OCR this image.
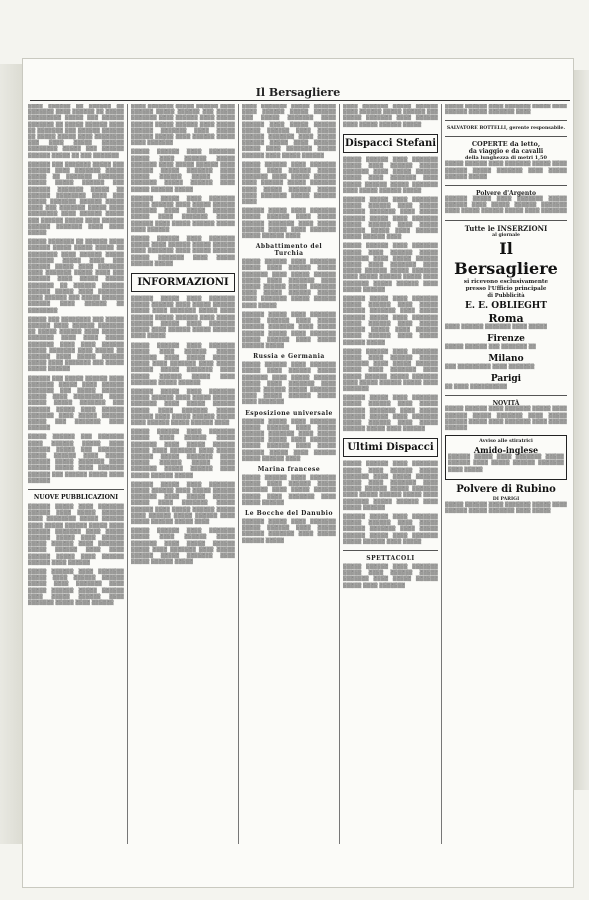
Il Bersagliere

▒▒▒▒ ▒▒▒▒▒▒ ▒▒ ▒▒▒▒▒▒ ▒▒ ▒▒▒▒▒▒▒ ▒▒▒▒ ▒▒▒▒▒▒ ▒▒ ▒▒▒▒▒ ▒▒▒▒▒▒▒▒▒ ▒▒▒▒▒ ▒▒▒ ▒▒▒▒▒▒ ▒▒▒▒▒▒▒ ▒▒ ▒▒▒▒▒ ▒▒▒▒▒▒ ▒▒▒▒ ▒▒ ▒▒▒▒▒▒▒ ▒▒▒ ▒▒▒▒▒▒ ▒▒▒▒▒▒ ▒▒ ▒▒▒▒▒ ▒▒▒▒▒ ▒▒▒▒ ▒▒▒▒▒▒▒▒ ▒▒▒ ▒▒▒▒ ▒▒▒▒▒ ▒▒▒▒▒▒ ▒▒▒▒▒▒▒▒ ▒▒▒▒▒ ▒▒▒ ▒▒▒▒▒▒ ▒▒▒▒▒▒ ▒▒▒▒▒ ▒▒ ▒▒▒ ▒▒▒▒▒▒▒

▒▒▒▒▒▒ ▒▒▒ ▒▒▒▒▒▒▒ ▒▒▒▒▒ ▒▒▒ ▒▒▒▒▒▒ ▒▒▒▒ ▒▒▒▒▒▒▒ ▒▒▒▒▒ ▒▒▒▒▒ ▒▒ ▒▒▒▒▒▒▒ ▒▒▒▒▒▒▒ ▒▒▒▒▒ ▒▒▒▒▒ ▒▒▒▒▒▒ ▒▒▒ ▒▒▒▒▒▒ ▒▒▒▒▒▒▒ ▒▒▒▒▒ ▒▒ ▒▒▒▒▒▒ ▒▒▒▒▒▒▒▒ ▒▒▒▒ ▒▒▒ ▒▒▒▒▒ ▒▒▒▒▒▒▒ ▒▒▒▒▒▒ ▒▒▒▒▒ ▒▒▒▒ ▒▒▒ ▒▒▒▒▒▒▒ ▒▒▒▒▒ ▒▒▒▒ ▒▒▒▒▒▒▒▒ ▒▒▒▒ ▒▒▒▒▒▒ ▒▒▒▒▒ ▒▒▒ ▒▒▒▒▒▒ ▒▒▒▒▒ ▒▒▒▒ ▒▒▒▒▒▒ ▒▒▒▒▒▒ ▒▒▒▒▒▒▒ ▒▒▒▒ ▒▒▒▒ ▒▒▒▒▒

▒▒▒▒▒ ▒▒▒▒▒▒▒ ▒▒ ▒▒▒▒▒▒ ▒▒▒▒ ▒▒▒▒▒▒ ▒▒▒▒▒ ▒▒▒▒▒ ▒▒▒▒▒ ▒▒ ▒▒▒▒▒▒▒▒ ▒▒▒▒ ▒▒▒▒▒▒ ▒▒▒▒▒ ▒▒▒▒▒▒▒ ▒▒▒▒▒ ▒▒▒▒ ▒▒▒ ▒▒▒▒▒▒ ▒▒▒▒▒ ▒▒▒▒ ▒▒▒▒▒▒▒ ▒▒▒▒ ▒▒▒▒▒▒▒ ▒▒▒▒▒ ▒▒▒▒ ▒▒▒ ▒▒▒▒▒▒ ▒▒▒▒ ▒▒▒▒▒ ▒▒▒▒▒ ▒▒▒▒▒▒▒ ▒▒ ▒▒▒▒▒▒ ▒▒▒▒▒▒ ▒▒▒▒▒▒ ▒▒▒▒▒ ▒▒▒▒ ▒▒▒▒▒▒▒ ▒▒▒▒ ▒▒▒▒▒▒ ▒▒▒ ▒▒▒▒▒ ▒▒▒▒▒▒ ▒▒▒▒▒▒ ▒▒▒▒ ▒▒▒▒▒▒ ▒▒ ▒▒▒▒▒▒▒▒

▒▒▒▒▒ ▒▒▒ ▒▒▒▒▒▒▒▒ ▒▒▒ ▒▒▒▒▒ ▒▒▒▒▒▒ ▒▒▒▒ ▒▒▒▒▒▒ ▒▒▒▒▒▒▒ ▒▒ ▒▒▒▒▒ ▒▒▒▒▒▒ ▒▒▒▒ ▒▒▒▒▒▒ ▒▒▒▒▒▒▒ ▒▒▒▒ ▒▒▒▒ ▒▒▒▒▒ ▒▒▒▒▒▒▒ ▒▒▒▒ ▒▒▒▒ ▒▒▒▒▒▒ ▒▒▒▒▒ ▒▒▒▒▒▒▒ ▒▒▒▒ ▒▒▒▒▒ ▒▒ ▒▒▒▒▒▒ ▒▒▒▒ ▒▒▒▒▒ ▒▒▒▒▒▒ ▒▒▒▒▒ ▒▒▒▒ ▒▒▒▒▒▒▒ ▒▒▒ ▒▒▒▒▒ ▒▒▒▒▒ ▒▒▒▒▒▒

▒▒▒▒▒▒ ▒▒▒ ▒▒▒▒▒ ▒▒▒▒▒▒ ▒▒▒▒ ▒▒▒▒▒▒▒ ▒▒▒▒▒ ▒▒▒▒ ▒▒▒▒▒▒ ▒▒▒▒▒▒▒ ▒▒▒ ▒▒▒▒▒ ▒▒▒▒▒▒ ▒▒▒▒▒ ▒▒▒▒ ▒▒▒▒▒▒▒▒ ▒▒▒▒ ▒▒▒▒▒ ▒▒▒▒▒ ▒▒▒▒▒▒▒ ▒▒▒ ▒▒▒▒▒▒ ▒▒▒▒▒ ▒▒▒▒ ▒▒▒▒▒▒ ▒▒▒▒▒▒▒ ▒▒▒▒ ▒▒▒▒▒ ▒▒▒▒▒▒ ▒▒▒▒▒ ▒▒▒ ▒▒▒▒▒▒▒ ▒▒▒▒ ▒▒▒▒▒▒

▒▒▒▒▒ ▒▒▒▒▒▒ ▒▒▒ ▒▒▒▒▒▒▒ ▒▒▒▒ ▒▒▒▒▒▒ ▒▒▒▒▒ ▒▒▒▒ ▒▒▒▒▒▒ ▒▒▒▒▒ ▒▒▒ ▒▒▒▒▒▒▒ ▒▒▒▒▒ ▒▒▒▒▒▒ ▒▒▒▒ ▒▒▒▒▒ ▒▒▒▒▒▒ ▒▒▒▒▒ ▒▒▒▒▒▒▒ ▒▒▒▒ ▒▒▒▒▒▒ ▒▒▒▒▒ ▒▒▒▒ ▒▒▒▒▒▒▒ ▒▒▒▒▒▒ ▒▒▒ ▒▒▒▒▒▒ ▒▒▒▒▒ ▒▒▒▒ ▒▒▒▒▒▒

NUOVE PUBBLICAZIONI

▒▒▒▒▒▒ ▒▒▒▒▒ ▒▒▒▒ ▒▒▒▒▒▒▒ ▒▒▒▒▒▒ ▒▒▒▒ ▒▒▒▒▒ ▒▒▒▒▒▒ ▒▒▒▒ ▒▒▒▒▒▒▒▒ ▒▒▒▒▒ ▒▒▒▒▒▒ ▒▒▒▒ ▒▒▒▒▒ ▒▒▒▒▒▒ ▒▒▒▒▒ ▒▒▒▒ ▒▒▒▒▒▒ ▒▒▒▒▒▒▒ ▒▒▒▒ ▒▒▒▒▒ ▒▒▒▒▒▒ ▒▒▒▒▒ ▒▒▒▒ ▒▒▒▒▒▒ ▒▒▒▒▒ ▒▒▒▒▒▒ ▒▒▒▒ ▒▒▒▒▒▒▒ ▒▒▒▒▒ ▒▒▒▒▒▒ ▒▒▒▒ ▒▒▒▒ ▒▒▒▒▒▒ ▒▒▒▒▒ ▒▒▒▒ ▒▒▒▒▒▒ ▒▒▒▒▒▒ ▒▒▒▒ ▒▒▒▒▒▒

▒▒▒▒▒ ▒▒▒▒▒▒ ▒▒▒▒ ▒▒▒▒▒▒▒ ▒▒▒▒▒ ▒▒▒▒ ▒▒▒▒▒▒ ▒▒▒▒▒▒ ▒▒▒▒▒ ▒▒▒▒ ▒▒▒▒▒▒▒ ▒▒▒▒ ▒▒▒▒▒ ▒▒▒▒▒▒ ▒▒▒▒▒ ▒▒▒▒▒▒ ▒▒▒▒ ▒▒▒▒▒ ▒▒▒▒▒▒ ▒▒▒▒ ▒▒▒▒▒▒▒ ▒▒▒▒▒ ▒▒▒▒ ▒▒▒▒▒▒

▒▒▒▒ ▒▒▒▒▒▒▒ ▒▒▒▒▒ ▒▒▒▒▒▒ ▒▒▒▒ ▒▒▒▒▒▒ ▒▒▒▒▒ ▒▒▒▒▒▒ ▒▒▒ ▒▒▒▒▒ ▒▒▒▒▒▒▒ ▒▒▒▒ ▒▒▒▒▒▒ ▒▒▒▒ ▒▒▒▒▒ ▒▒▒▒▒▒ ▒▒▒▒▒ ▒▒▒▒▒▒ ▒▒▒▒ ▒▒▒▒▒ ▒▒▒▒▒▒ ▒▒▒▒▒▒▒ ▒▒▒▒ ▒▒▒▒▒ ▒▒▒▒▒▒ ▒▒▒▒▒ ▒▒▒▒ ▒▒▒▒▒▒ ▒▒▒▒▒ ▒▒▒▒ ▒▒▒▒▒▒▒

▒▒▒▒▒ ▒▒▒▒▒▒ ▒▒▒▒ ▒▒▒▒▒▒▒ ▒▒▒▒▒ ▒▒▒▒ ▒▒▒▒▒▒ ▒▒▒▒▒ ▒▒▒▒▒▒▒ ▒▒▒▒ ▒▒▒▒▒ ▒▒▒▒▒▒ ▒▒▒▒ ▒▒▒▒▒▒ ▒▒▒▒▒ ▒▒▒▒▒▒▒ ▒▒▒▒ ▒▒▒▒▒ ▒▒▒▒▒▒ ▒▒▒▒▒ ▒▒▒▒ ▒▒▒▒▒▒▒ ▒▒▒▒▒ ▒▒▒▒▒▒ ▒▒▒▒ ▒▒▒▒▒ ▒▒▒▒▒▒ ▒▒▒▒▒

▒▒▒▒▒▒ ▒▒▒▒▒ ▒▒▒▒ ▒▒▒▒▒▒▒ ▒▒▒▒▒ ▒▒▒▒▒▒ ▒▒▒▒ ▒▒▒▒▒ ▒▒▒▒▒▒ ▒▒▒▒▒▒▒ ▒▒▒▒ ▒▒▒▒▒ ▒▒▒▒▒▒ ▒▒▒▒▒ ▒▒▒▒ ▒▒▒▒▒▒▒ ▒▒▒▒▒ ▒▒▒▒▒▒ ▒▒▒▒ ▒▒▒▒▒ ▒▒▒▒▒▒ ▒▒▒▒▒ ▒▒▒▒ ▒▒▒▒▒▒

▒▒▒▒▒ ▒▒▒▒▒▒ ▒▒▒▒ ▒▒▒▒▒▒▒ ▒▒▒▒▒ ▒▒▒▒ ▒▒▒▒▒▒ ▒▒▒▒▒ ▒▒▒▒▒▒ ▒▒▒▒ ▒▒▒▒▒▒▒ ▒▒▒▒ ▒▒▒▒▒ ▒▒▒▒▒▒ ▒▒▒▒▒ ▒▒▒▒▒▒▒ ▒▒▒▒ ▒▒▒▒▒ ▒▒▒▒▒▒ ▒▒▒▒▒

INFORMAZIONI

▒▒▒▒▒▒ ▒▒▒▒▒ ▒▒▒▒ ▒▒▒▒▒▒▒ ▒▒▒▒▒ ▒▒▒▒▒▒ ▒▒▒▒ ▒▒▒▒▒ ▒▒▒▒▒▒ ▒▒▒▒▒ ▒▒▒▒ ▒▒▒▒▒▒▒ ▒▒▒▒▒ ▒▒▒▒ ▒▒▒▒▒▒ ▒▒▒▒▒ ▒▒▒▒▒▒ ▒▒▒▒ ▒▒▒▒▒ ▒▒▒▒▒▒ ▒▒▒▒▒ ▒▒▒▒ ▒▒▒▒▒▒▒ ▒▒▒▒▒ ▒▒▒▒ ▒▒▒▒▒▒ ▒▒▒▒▒ ▒▒▒▒▒▒ ▒▒▒▒ ▒▒▒▒▒

▒▒▒▒▒ ▒▒▒▒▒▒ ▒▒▒▒ ▒▒▒▒▒▒▒ ▒▒▒▒▒ ▒▒▒▒ ▒▒▒▒▒▒ ▒▒▒▒▒ ▒▒▒▒▒▒▒ ▒▒▒▒ ▒▒▒▒▒ ▒▒▒▒▒▒ ▒▒▒▒▒ ▒▒▒▒ ▒▒▒▒▒▒▒ ▒▒▒▒ ▒▒▒▒▒ ▒▒▒▒▒▒ ▒▒▒▒▒ ▒▒▒▒▒▒▒ ▒▒▒▒ ▒▒▒▒▒ ▒▒▒▒▒▒ ▒▒▒▒▒ ▒▒▒▒ ▒▒▒▒▒▒▒ ▒▒▒▒▒ ▒▒▒▒▒▒

▒▒▒▒▒▒ ▒▒▒▒▒ ▒▒▒▒ ▒▒▒▒▒▒▒ ▒▒▒▒▒ ▒▒▒▒▒▒ ▒▒▒▒ ▒▒▒▒▒ ▒▒▒▒▒▒ ▒▒▒▒▒▒▒ ▒▒▒▒ ▒▒▒▒▒ ▒▒▒▒▒▒ ▒▒▒▒▒ ▒▒▒▒ ▒▒▒▒▒▒▒ ▒▒▒▒▒ ▒▒▒▒▒▒ ▒▒▒▒ ▒▒▒▒▒ ▒▒▒▒▒▒ ▒▒▒▒▒ ▒▒▒▒ ▒▒▒▒▒▒ ▒▒▒▒▒ ▒▒▒▒▒▒ ▒▒▒▒

▒▒▒▒▒ ▒▒▒▒▒▒ ▒▒▒▒ ▒▒▒▒▒▒▒ ▒▒▒▒▒ ▒▒▒▒ ▒▒▒▒▒▒ ▒▒▒▒▒ ▒▒▒▒▒▒▒ ▒▒▒▒ ▒▒▒▒▒ ▒▒▒▒▒▒ ▒▒▒▒▒ ▒▒▒▒ ▒▒▒▒▒▒▒ ▒▒▒▒ ▒▒▒▒▒ ▒▒▒▒▒▒ ▒▒▒▒▒ ▒▒▒▒▒▒▒ ▒▒▒▒ ▒▒▒▒▒ ▒▒▒▒▒▒ ▒▒▒▒▒ ▒▒▒▒ ▒▒▒▒▒▒▒ ▒▒▒▒▒ ▒▒▒▒▒▒ ▒▒▒▒ ▒▒▒▒▒ ▒▒▒▒▒▒ ▒▒▒▒▒

▒▒▒▒▒▒ ▒▒▒▒▒ ▒▒▒▒ ▒▒▒▒▒▒▒ ▒▒▒▒▒ ▒▒▒▒▒▒ ▒▒▒▒ ▒▒▒▒▒ ▒▒▒▒▒▒ ▒▒▒▒▒▒▒ ▒▒▒▒ ▒▒▒▒▒ ▒▒▒▒▒▒ ▒▒▒▒▒ ▒▒▒▒ ▒▒▒▒▒▒▒ ▒▒▒▒▒ ▒▒▒▒▒▒ ▒▒▒▒ ▒▒▒▒▒ ▒▒▒▒▒▒ ▒▒▒▒▒ ▒▒▒▒ ▒▒▒▒▒▒ ▒▒▒▒▒ ▒▒▒▒▒▒ ▒▒▒▒ ▒▒▒▒▒ ▒▒▒▒▒▒ ▒▒▒▒▒ ▒▒▒▒

▒▒▒▒▒ ▒▒▒▒▒▒ ▒▒▒▒ ▒▒▒▒▒▒▒ ▒▒▒▒▒ ▒▒▒▒ ▒▒▒▒▒▒ ▒▒▒▒▒ ▒▒▒▒▒▒▒ ▒▒▒▒ ▒▒▒▒▒ ▒▒▒▒▒▒ ▒▒▒▒▒ ▒▒▒▒ ▒▒▒▒▒▒▒ ▒▒▒▒ ▒▒▒▒▒ ▒▒▒▒▒▒ ▒▒▒▒▒ ▒▒▒▒▒▒▒ ▒▒▒▒ ▒▒▒▒▒ ▒▒▒▒▒▒ ▒▒▒▒▒

▒▒▒▒ ▒▒▒▒▒▒▒ ▒▒▒▒▒ ▒▒▒▒▒▒ ▒▒▒▒ ▒▒▒▒▒▒ ▒▒▒▒▒ ▒▒▒▒▒▒ ▒▒▒ ▒▒▒▒▒ ▒▒▒▒▒▒▒ ▒▒▒▒ ▒▒▒▒▒▒ ▒▒▒▒ ▒▒▒▒▒ ▒▒▒▒▒▒ ▒▒▒▒▒ ▒▒▒▒▒▒ ▒▒▒▒ ▒▒▒▒▒ ▒▒▒▒▒▒ ▒▒▒▒▒▒▒ ▒▒▒▒ ▒▒▒▒▒ ▒▒▒▒▒▒ ▒▒▒▒▒ ▒▒▒▒ ▒▒▒▒▒▒ ▒▒▒▒▒ ▒▒▒▒ ▒▒▒▒▒▒▒ ▒▒▒▒▒ ▒▒▒▒▒▒ ▒▒▒▒ ▒▒▒▒▒ ▒▒▒▒▒▒

▒▒▒▒▒ ▒▒▒▒▒▒ ▒▒▒▒ ▒▒▒▒▒▒▒ ▒▒▒▒▒ ▒▒▒▒ ▒▒▒▒▒▒ ▒▒▒▒▒ ▒▒▒▒▒▒▒ ▒▒▒▒ ▒▒▒▒▒ ▒▒▒▒▒▒ ▒▒▒▒ ▒▒▒▒▒▒ ▒▒▒▒▒ ▒▒▒▒▒▒▒ ▒▒▒▒ ▒▒▒▒▒ ▒▒▒▒▒▒ ▒▒▒▒▒ ▒▒▒▒ ▒▒▒▒▒▒▒ ▒▒▒▒▒ ▒▒▒▒▒▒ ▒▒▒▒

▒▒▒▒▒▒ ▒▒▒▒▒ ▒▒▒▒ ▒▒▒▒▒▒▒ ▒▒▒▒▒ ▒▒▒▒▒▒ ▒▒▒▒ ▒▒▒▒▒ ▒▒▒▒▒▒ ▒▒▒▒▒▒▒ ▒▒▒▒ ▒▒▒▒▒ ▒▒▒▒▒▒ ▒▒▒▒▒ ▒▒▒▒ ▒▒▒▒▒▒▒ ▒▒▒▒▒ ▒▒▒▒▒▒ ▒▒▒▒

Abbattimento del Turchia

▒▒▒▒▒ ▒▒▒▒▒▒ ▒▒▒▒ ▒▒▒▒▒▒▒ ▒▒▒▒▒ ▒▒▒▒ ▒▒▒▒▒▒ ▒▒▒▒▒ ▒▒▒▒▒▒▒ ▒▒▒▒ ▒▒▒▒▒ ▒▒▒▒▒▒ ▒▒▒▒▒ ▒▒▒▒ ▒▒▒▒▒▒▒ ▒▒▒▒ ▒▒▒▒▒ ▒▒▒▒▒▒ ▒▒▒▒▒ ▒▒▒▒▒▒▒ ▒▒▒▒ ▒▒▒▒▒ ▒▒▒▒▒▒ ▒▒▒▒▒ ▒▒▒▒ ▒▒▒▒▒▒▒ ▒▒▒▒▒ ▒▒▒▒▒▒ ▒▒▒▒ ▒▒▒▒▒

▒▒▒▒▒▒ ▒▒▒▒▒ ▒▒▒▒ ▒▒▒▒▒▒▒ ▒▒▒▒▒ ▒▒▒▒▒▒ ▒▒▒▒ ▒▒▒▒▒ ▒▒▒▒▒▒ ▒▒▒▒▒▒▒ ▒▒▒▒ ▒▒▒▒▒ ▒▒▒▒▒▒ ▒▒▒▒▒ ▒▒▒▒ ▒▒▒▒▒▒▒ ▒▒▒▒▒ ▒▒▒▒▒▒ ▒▒▒▒ ▒▒▒▒▒ ▒▒▒▒▒▒ ▒▒▒▒▒

Russia e Germania

▒▒▒▒▒ ▒▒▒▒▒▒ ▒▒▒▒ ▒▒▒▒▒▒▒ ▒▒▒▒▒ ▒▒▒▒ ▒▒▒▒▒▒ ▒▒▒▒▒ ▒▒▒▒▒▒▒ ▒▒▒▒ ▒▒▒▒▒ ▒▒▒▒▒▒ ▒▒▒▒▒ ▒▒▒▒ ▒▒▒▒▒▒▒ ▒▒▒▒ ▒▒▒▒▒ ▒▒▒▒▒▒ ▒▒▒▒▒ ▒▒▒▒▒▒▒ ▒▒▒▒ ▒▒▒▒▒ ▒▒▒▒▒▒ ▒▒▒▒▒ ▒▒▒▒ ▒▒▒▒▒▒▒

Esposizione universale

▒▒▒▒▒▒ ▒▒▒▒▒ ▒▒▒▒ ▒▒▒▒▒▒▒ ▒▒▒▒▒ ▒▒▒▒▒▒ ▒▒▒▒ ▒▒▒▒▒ ▒▒▒▒▒▒ ▒▒▒▒▒▒▒ ▒▒▒▒ ▒▒▒▒▒ ▒▒▒▒▒▒ ▒▒▒▒▒ ▒▒▒▒ ▒▒▒▒▒▒▒ ▒▒▒▒▒ ▒▒▒▒▒▒ ▒▒▒▒ ▒▒▒▒▒ ▒▒▒▒▒▒ ▒▒▒▒▒ ▒▒▒▒ ▒▒▒▒▒▒ ▒▒▒▒▒ ▒▒▒▒▒▒ ▒▒▒▒

Marina francese

▒▒▒▒▒ ▒▒▒▒▒▒ ▒▒▒▒ ▒▒▒▒▒▒▒ ▒▒▒▒▒ ▒▒▒▒ ▒▒▒▒▒▒ ▒▒▒▒▒ ▒▒▒▒▒▒▒ ▒▒▒▒ ▒▒▒▒▒ ▒▒▒▒▒▒ ▒▒▒▒▒ ▒▒▒▒ ▒▒▒▒▒▒▒ ▒▒▒▒ ▒▒▒▒▒ ▒▒▒▒▒▒

Le Bocche del Danubio

▒▒▒▒▒▒ ▒▒▒▒▒ ▒▒▒▒ ▒▒▒▒▒▒▒ ▒▒▒▒▒ ▒▒▒▒▒▒ ▒▒▒▒ ▒▒▒▒▒ ▒▒▒▒▒▒ ▒▒▒▒▒▒▒ ▒▒▒▒ ▒▒▒▒▒ ▒▒▒▒▒▒ ▒▒▒▒▒

▒▒▒▒ ▒▒▒▒▒▒▒ ▒▒▒▒▒ ▒▒▒▒▒▒ ▒▒▒▒ ▒▒▒▒▒▒ ▒▒▒▒▒ ▒▒▒▒▒▒ ▒▒▒ ▒▒▒▒▒ ▒▒▒▒▒▒▒ ▒▒▒▒ ▒▒▒▒▒▒ ▒▒▒▒ ▒▒▒▒▒ ▒▒▒▒▒▒ ▒▒▒▒▒

Dispacci Stefani

▒▒▒▒▒ ▒▒▒▒▒▒ ▒▒▒▒ ▒▒▒▒▒▒▒ ▒▒▒▒▒ ▒▒▒▒ ▒▒▒▒▒▒ ▒▒▒▒▒ ▒▒▒▒▒▒▒ ▒▒▒▒ ▒▒▒▒▒ ▒▒▒▒▒▒ ▒▒▒▒▒ ▒▒▒▒ ▒▒▒▒▒▒▒ ▒▒▒▒ ▒▒▒▒▒ ▒▒▒▒▒▒ ▒▒▒▒▒ ▒▒▒▒▒▒▒ ▒▒▒▒ ▒▒▒▒▒ ▒▒▒▒▒▒ ▒▒▒▒▒

▒▒▒▒▒▒ ▒▒▒▒▒ ▒▒▒▒ ▒▒▒▒▒▒▒ ▒▒▒▒▒ ▒▒▒▒▒▒ ▒▒▒▒ ▒▒▒▒▒ ▒▒▒▒▒▒ ▒▒▒▒▒▒▒ ▒▒▒▒ ▒▒▒▒▒ ▒▒▒▒▒▒ ▒▒▒▒▒ ▒▒▒▒ ▒▒▒▒▒▒▒ ▒▒▒▒▒ ▒▒▒▒▒▒ ▒▒▒▒ ▒▒▒▒▒ ▒▒▒▒▒▒ ▒▒▒▒▒ ▒▒▒▒ ▒▒▒▒▒▒ ▒▒▒▒▒ ▒▒▒▒▒▒ ▒▒▒▒

▒▒▒▒▒ ▒▒▒▒▒▒ ▒▒▒▒ ▒▒▒▒▒▒▒ ▒▒▒▒▒ ▒▒▒▒ ▒▒▒▒▒▒ ▒▒▒▒▒ ▒▒▒▒▒▒▒ ▒▒▒▒ ▒▒▒▒▒ ▒▒▒▒▒▒ ▒▒▒▒▒ ▒▒▒▒ ▒▒▒▒▒▒▒ ▒▒▒▒ ▒▒▒▒▒ ▒▒▒▒▒▒ ▒▒▒▒▒ ▒▒▒▒▒▒▒ ▒▒▒▒ ▒▒▒▒▒ ▒▒▒▒▒▒ ▒▒▒▒▒ ▒▒▒▒ ▒▒▒▒▒▒▒ ▒▒▒▒▒ ▒▒▒▒▒▒ ▒▒▒▒ ▒▒▒▒▒ ▒▒▒▒▒▒

▒▒▒▒▒▒ ▒▒▒▒▒ ▒▒▒▒ ▒▒▒▒▒▒▒ ▒▒▒▒▒ ▒▒▒▒▒▒ ▒▒▒▒ ▒▒▒▒▒ ▒▒▒▒▒▒ ▒▒▒▒▒▒▒ ▒▒▒▒ ▒▒▒▒▒ ▒▒▒▒▒▒ ▒▒▒▒▒ ▒▒▒▒ ▒▒▒▒▒▒▒ ▒▒▒▒▒ ▒▒▒▒▒▒ ▒▒▒▒ ▒▒▒▒▒ ▒▒▒▒▒▒ ▒▒▒▒▒ ▒▒▒▒ ▒▒▒▒▒▒ ▒▒▒▒▒ ▒▒▒▒▒▒ ▒▒▒▒ ▒▒▒▒▒ ▒▒▒▒▒▒ ▒▒▒▒▒

▒▒▒▒▒ ▒▒▒▒▒▒ ▒▒▒▒ ▒▒▒▒▒▒▒ ▒▒▒▒▒ ▒▒▒▒ ▒▒▒▒▒▒ ▒▒▒▒▒ ▒▒▒▒▒▒▒ ▒▒▒▒ ▒▒▒▒▒ ▒▒▒▒▒▒ ▒▒▒▒▒ ▒▒▒▒ ▒▒▒▒▒▒▒ ▒▒▒▒ ▒▒▒▒▒ ▒▒▒▒▒▒ ▒▒▒▒▒ ▒▒▒▒▒▒▒ ▒▒▒▒ ▒▒▒▒▒ ▒▒▒▒▒▒ ▒▒▒▒▒ ▒▒▒▒ ▒▒▒▒▒▒▒

▒▒▒▒▒▒ ▒▒▒▒▒ ▒▒▒▒ ▒▒▒▒▒▒▒ ▒▒▒▒▒ ▒▒▒▒▒▒ ▒▒▒▒ ▒▒▒▒▒ ▒▒▒▒▒▒ ▒▒▒▒▒▒▒ ▒▒▒▒ ▒▒▒▒▒ ▒▒▒▒▒▒ ▒▒▒▒▒ ▒▒▒▒ ▒▒▒▒▒▒▒ ▒▒▒▒▒ ▒▒▒▒▒▒ ▒▒▒▒ ▒▒▒▒▒ ▒▒▒▒▒▒ ▒▒▒▒▒ ▒▒▒▒ ▒▒▒▒▒▒

Ultimi Dispacci

▒▒▒▒▒ ▒▒▒▒▒▒ ▒▒▒▒ ▒▒▒▒▒▒▒ ▒▒▒▒▒ ▒▒▒▒ ▒▒▒▒▒▒ ▒▒▒▒▒ ▒▒▒▒▒▒▒ ▒▒▒▒ ▒▒▒▒▒ ▒▒▒▒▒▒ ▒▒▒▒▒ ▒▒▒▒ ▒▒▒▒▒▒▒ ▒▒▒▒ ▒▒▒▒▒ ▒▒▒▒▒▒ ▒▒▒▒▒ ▒▒▒▒▒▒▒ ▒▒▒▒ ▒▒▒▒▒ ▒▒▒▒▒▒ ▒▒▒▒▒ ▒▒▒▒ ▒▒▒▒▒▒▒ ▒▒▒▒▒ ▒▒▒▒▒▒ ▒▒▒▒ ▒▒▒▒▒ ▒▒▒▒▒▒

▒▒▒▒▒▒ ▒▒▒▒▒ ▒▒▒▒ ▒▒▒▒▒▒▒ ▒▒▒▒▒ ▒▒▒▒▒▒ ▒▒▒▒ ▒▒▒▒▒ ▒▒▒▒▒▒ ▒▒▒▒▒▒▒ ▒▒▒▒ ▒▒▒▒▒ ▒▒▒▒▒▒ ▒▒▒▒▒ ▒▒▒▒ ▒▒▒▒▒▒▒ ▒▒▒▒▒ ▒▒▒▒▒▒ ▒▒▒▒ ▒▒▒▒▒

SPETTACOLI

▒▒▒▒▒ ▒▒▒▒▒▒ ▒▒▒▒ ▒▒▒▒▒▒▒ ▒▒▒▒▒ ▒▒▒▒ ▒▒▒▒▒▒ ▒▒▒▒▒ ▒▒▒▒▒▒▒ ▒▒▒▒ ▒▒▒▒▒ ▒▒▒▒▒▒ ▒▒▒▒▒ ▒▒▒▒ ▒▒▒▒▒▒▒

▒▒▒▒▒ ▒▒▒▒▒▒ ▒▒▒▒ ▒▒▒▒▒▒▒ ▒▒▒▒▒ ▒▒▒▒ ▒▒▒▒▒▒ ▒▒▒▒▒ ▒▒▒▒▒▒▒ ▒▒▒▒

SALVATORE BOTTELLI, gerente responsabile.
COPERTE da letto,
da viaggio e da cavalli
della lunghezza di metri 1,50

▒▒▒▒▒ ▒▒▒▒▒▒ ▒▒▒▒ ▒▒▒▒▒▒▒ ▒▒▒▒▒ ▒▒▒▒ ▒▒▒▒▒▒ ▒▒▒▒▒ ▒▒▒▒▒▒▒ ▒▒▒▒ ▒▒▒▒▒ ▒▒▒▒▒▒ ▒▒▒▒▒

Polvere d'Argento

▒▒▒▒▒▒ ▒▒▒▒▒ ▒▒▒▒ ▒▒▒▒▒▒▒ ▒▒▒▒▒ ▒▒▒▒▒▒ ▒▒▒▒ ▒▒▒▒▒ ▒▒▒▒▒▒ ▒▒▒▒▒▒▒ ▒▒▒▒ ▒▒▒▒▒ ▒▒▒▒▒▒ ▒▒▒▒▒ ▒▒▒▒ ▒▒▒▒▒▒▒

Tutte le INSERZIONI
al giornale
Il Bersagliere
si ricevono esclusivamente
presso l'Ufficio principale
di Pubblicità
E. E. OBLIEGHT
Roma

▒▒▒▒ ▒▒▒▒▒▒ ▒▒▒▒▒▒▒ ▒▒▒▒ ▒▒▒▒▒

Firenze

▒▒▒▒▒ ▒▒▒▒▒▒ ▒▒▒ ▒▒▒▒▒▒▒ ▒▒

Milano

▒▒▒ ▒▒▒▒▒▒▒▒▒ ▒▒▒▒ ▒▒▒▒▒▒▒

Parigi

▒▒ ▒▒▒▒ ▒▒▒▒▒▒▒▒▒▒

NOVITÀ

▒▒▒▒▒ ▒▒▒▒▒▒ ▒▒▒▒ ▒▒▒▒▒▒▒ ▒▒▒▒▒ ▒▒▒▒ ▒▒▒▒▒▒ ▒▒▒▒▒ ▒▒▒▒▒▒▒ ▒▒▒▒ ▒▒▒▒▒ ▒▒▒▒▒▒ ▒▒▒▒▒ ▒▒▒▒ ▒▒▒▒▒▒▒ ▒▒▒▒ ▒▒▒▒▒ ▒▒▒▒▒▒

Avviso alle stiratrici
Amido-inglese

▒▒▒▒▒▒ ▒▒▒▒▒ ▒▒▒▒ ▒▒▒▒▒▒▒ ▒▒▒▒▒ ▒▒▒▒▒▒ ▒▒▒▒ ▒▒▒▒▒ ▒▒▒▒▒▒ ▒▒▒▒▒▒▒ ▒▒▒▒ ▒▒▒▒▒

Polvere di Rubino
DI PARIGI

▒▒▒▒▒ ▒▒▒▒▒▒ ▒▒▒▒ ▒▒▒▒▒▒▒ ▒▒▒▒▒ ▒▒▒▒ ▒▒▒▒▒▒ ▒▒▒▒▒ ▒▒▒▒▒▒▒ ▒▒▒▒ ▒▒▒▒▒
